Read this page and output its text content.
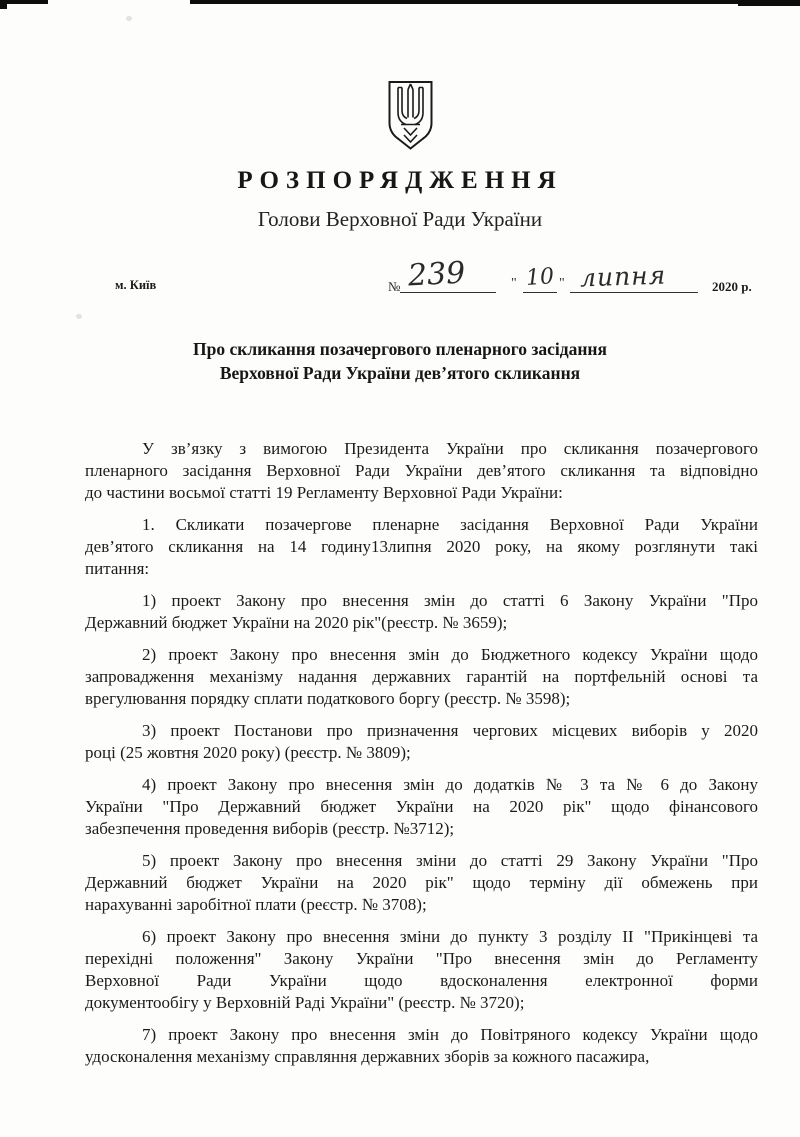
РОЗПОРЯДЖЕННЯ
Голови Верховної Ради України
м. Київ	№ 239	" 10 " липня	2020 р.
Про скликання позачергового пленарного засідання
Верховної Ради України дев’ятого скликання
У зв’язку з вимогою Президента України про скликання позачергового
пленарного засідання Верховної Ради України дев’ятого скликання та відповідно
до частини восьмої статті 19 Регламенту Верховної Ради України:
1. Скликати позачергове пленарне засідання Верховної Ради України
дев’ятого скликання на 14 годину13липня 2020 року, на якому розглянути такі
питання:
1) проект Закону про внесення змін до статті 6 Закону України "Про
Державний бюджет України на 2020 рік"(реєстр. № 3659);
2) проект Закону про внесення змін до Бюджетного кодексу України щодо
запровадження механізму надання державних гарантій на портфельній основі та
врегулювання порядку сплати податкового боргу (реєстр. № 3598);
3) проект Постанови про призначення чергових місцевих виборів у 2020
році (25 жовтня 2020 року) (реєстр. № 3809);
4) проект Закону про внесення змін до додатків № 3 та № 6 до Закону
України "Про Державний бюджет України на 2020 рік" щодо фінансового
забезпечення проведення виборів (реєстр. №3712);
5) проект Закону про внесення зміни до статті 29 Закону України "Про
Державний бюджет України на 2020 рік" щодо терміну дії обмежень при
нарахуванні заробітної плати (реєстр. № 3708);
6) проект Закону про внесення зміни до пункту 3 розділу II "Прикінцеві та
перехідні положення" Закону України "Про внесення змін до Регламенту
Верховної Ради України щодо вдосконалення електронної форми
документообігу у Верховній Раді України" (реєстр. № 3720);
7) проект Закону про внесення змін до Повітряного кодексу України щодо
удосконалення механізму справляння державних зборів за кожного пасажира,
